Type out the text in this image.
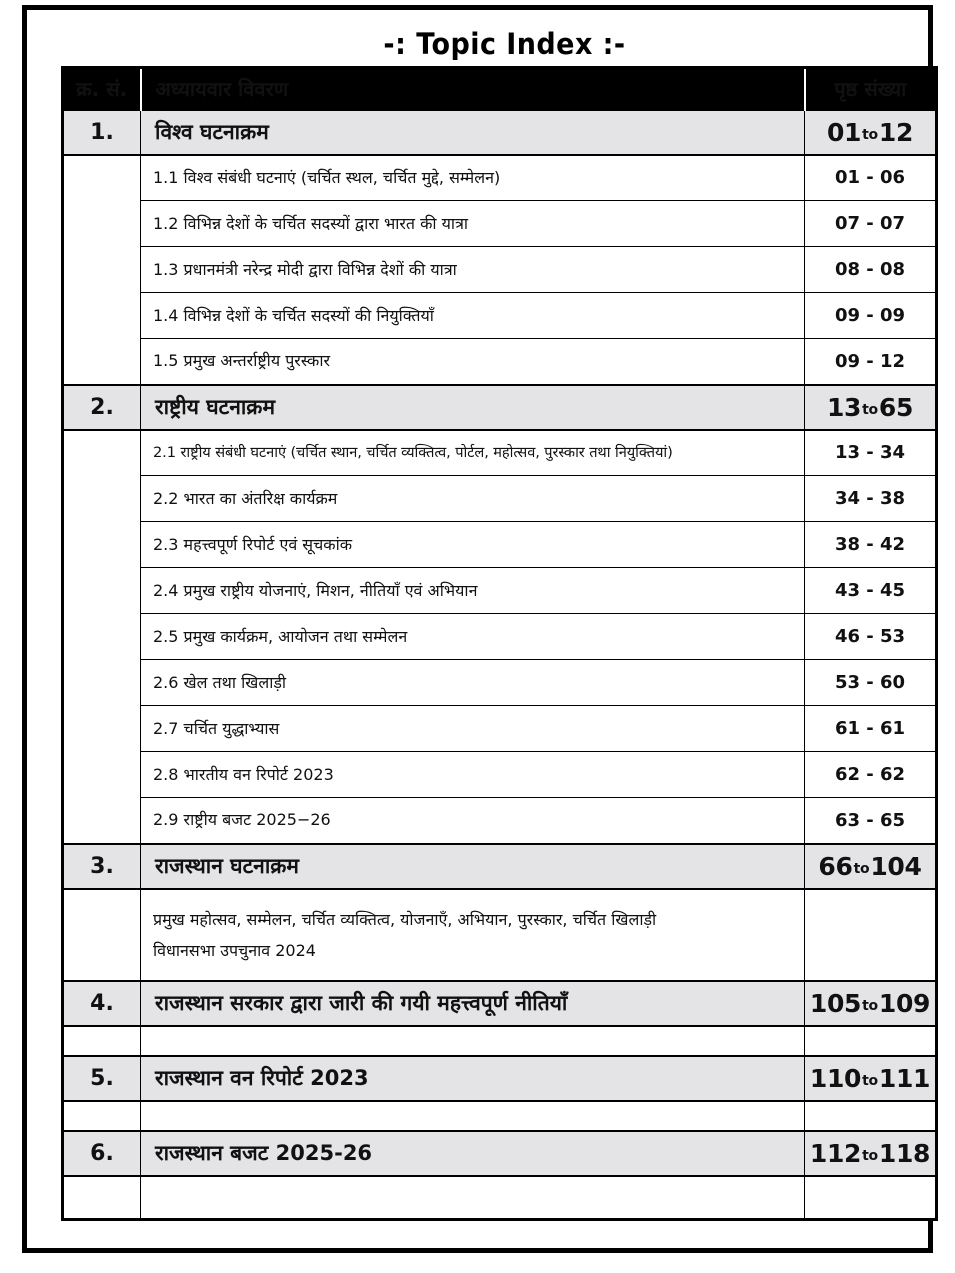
-: Topic Index :-
क्र. सं.	अध्यायवार विवरण	पृष्ठ संख्या
1.	विश्व घटनाक्रम	01to12
	1.1 विश्व संबंधी घटनाएं (चर्चित स्थल, चर्चित मुद्दे, सम्मेलन)	01 - 06
	1.2 विभिन्न देशों के चर्चित सदस्यों द्वारा भारत की यात्रा	07 - 07
	1.3 प्रधानमंत्री नरेन्द्र मोदी द्वारा विभिन्न देशों की यात्रा	08 - 08
	1.4 विभिन्न देशों के चर्चित सदस्यों की नियुक्तियाँ	09 - 09
	1.5 प्रमुख अन्तर्राष्ट्रीय पुरस्कार	09 - 12
2.	राष्ट्रीय घटनाक्रम	13to65
	2.1 राष्ट्रीय संबंधी घटनाएं (चर्चित स्थान, चर्चित व्यक्तित्व, पोर्टल, महोत्सव, पुरस्कार तथा नियुक्तियां)	13 - 34
	2.2 भारत का अंतरिक्ष कार्यक्रम	34 - 38
	2.3 महत्त्वपूर्ण रिपोर्ट एवं सूचकांक	38 - 42
	2.4 प्रमुख राष्ट्रीय योजनाएं, मिशन, नीतियाँ एवं अभियान	43 - 45
	2.5 प्रमुख कार्यक्रम, आयोजन तथा सम्मेलन	46 - 53
	2.6 खेल तथा खिलाड़ी	53 - 60
	2.7 चर्चित युद्धाभ्यास	61 - 61
	2.8 भारतीय वन रिपोर्ट 2023	62 - 62
	2.9 राष्ट्रीय बजट 2025−26	63 - 65
3.	राजस्थान घटनाक्रम	66to104

	प्रमुख महोत्सव, सम्मेलन, चर्चित व्यक्तित्व, योजनाएँ, अभियान, पुरस्कार, चर्चित खिलाड़ी
विधानसभा उपचुनाव 2024	

4.	राजस्थान सरकार द्वारा जारी की गयी महत्त्वपूर्ण नीतियाँ	105to109

5.	राजस्थान वन रिपोर्ट 2023	110to111

6.	राजस्थान बजट 2025-26	112to118
